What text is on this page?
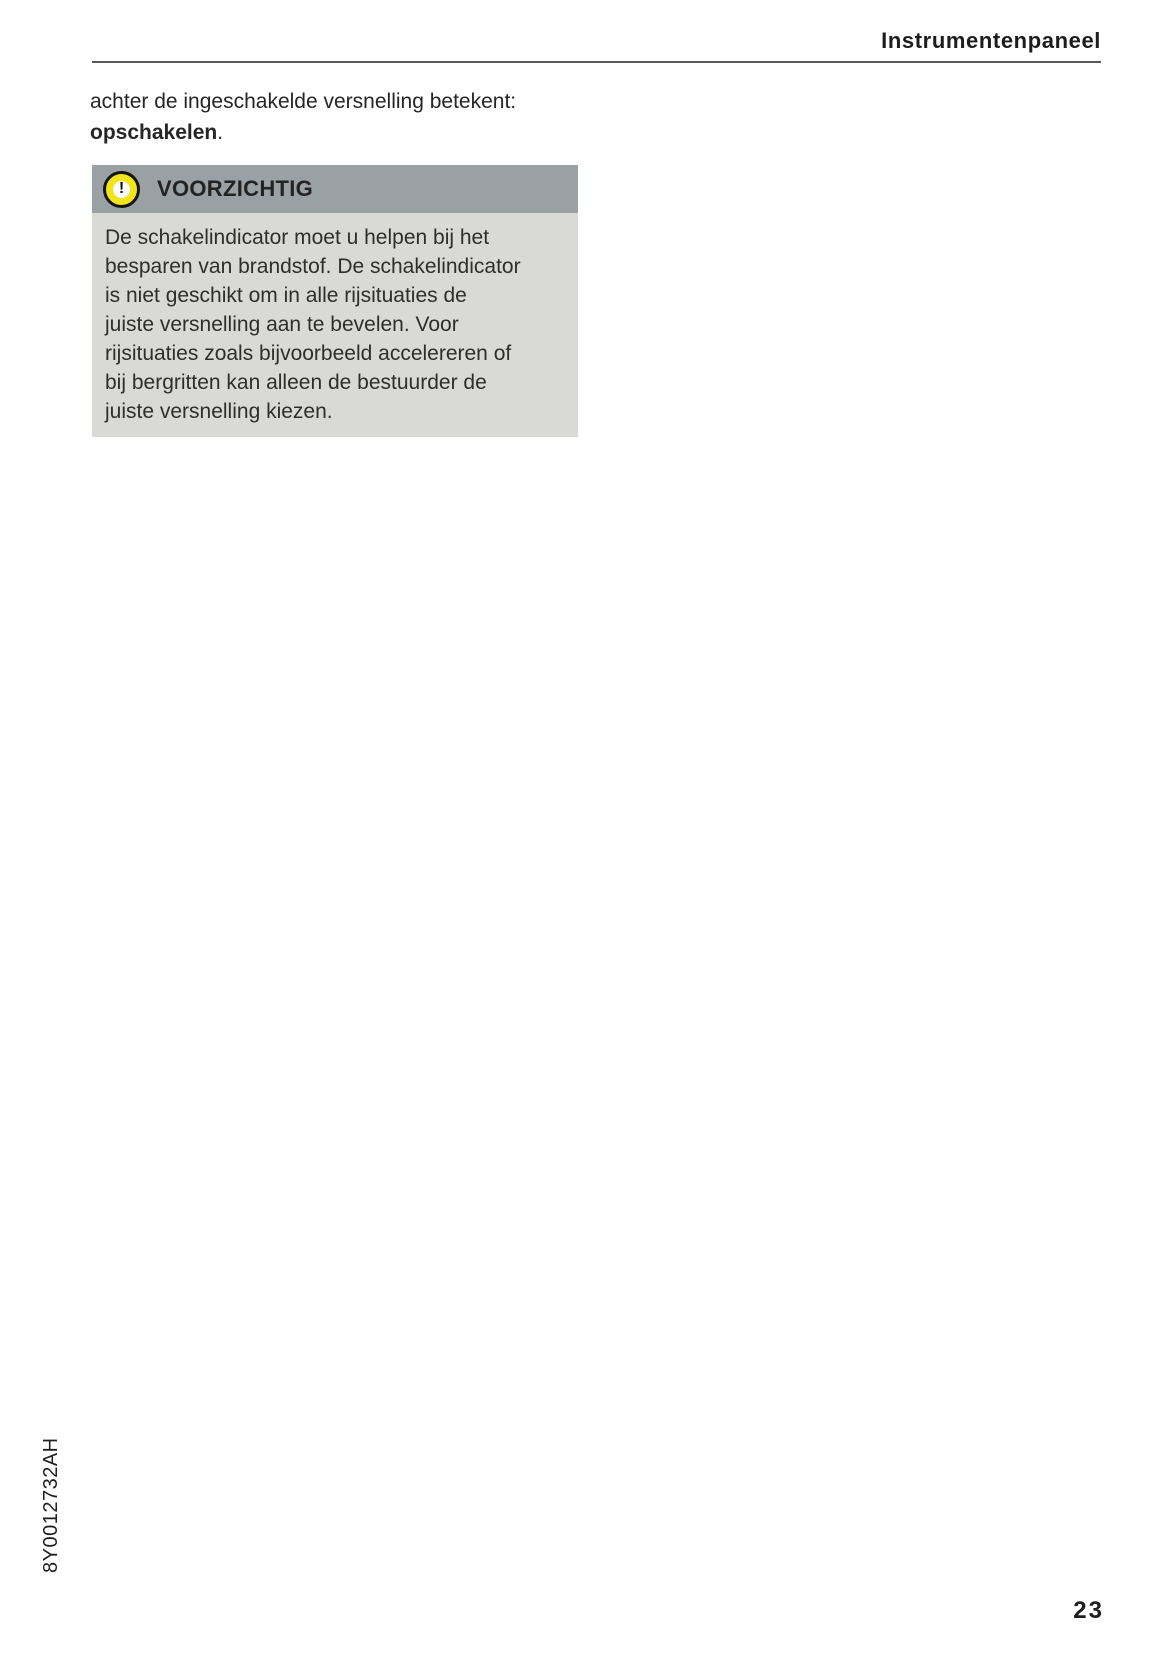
Instrumentenpaneel
achter de ingeschakelde versnelling betekent:
opschakelen.
! VOORZICHTIG
De schakelindicator moet u helpen bij het
besparen van brandstof. De schakelindicator
is niet geschikt om in alle rijsituaties de
juiste versnelling aan te bevelen. Voor
rijsituaties zoals bijvoorbeeld accelereren of
bij bergritten kan alleen de bestuurder de
juiste versnelling kiezen.
8Y0012732AH
23
